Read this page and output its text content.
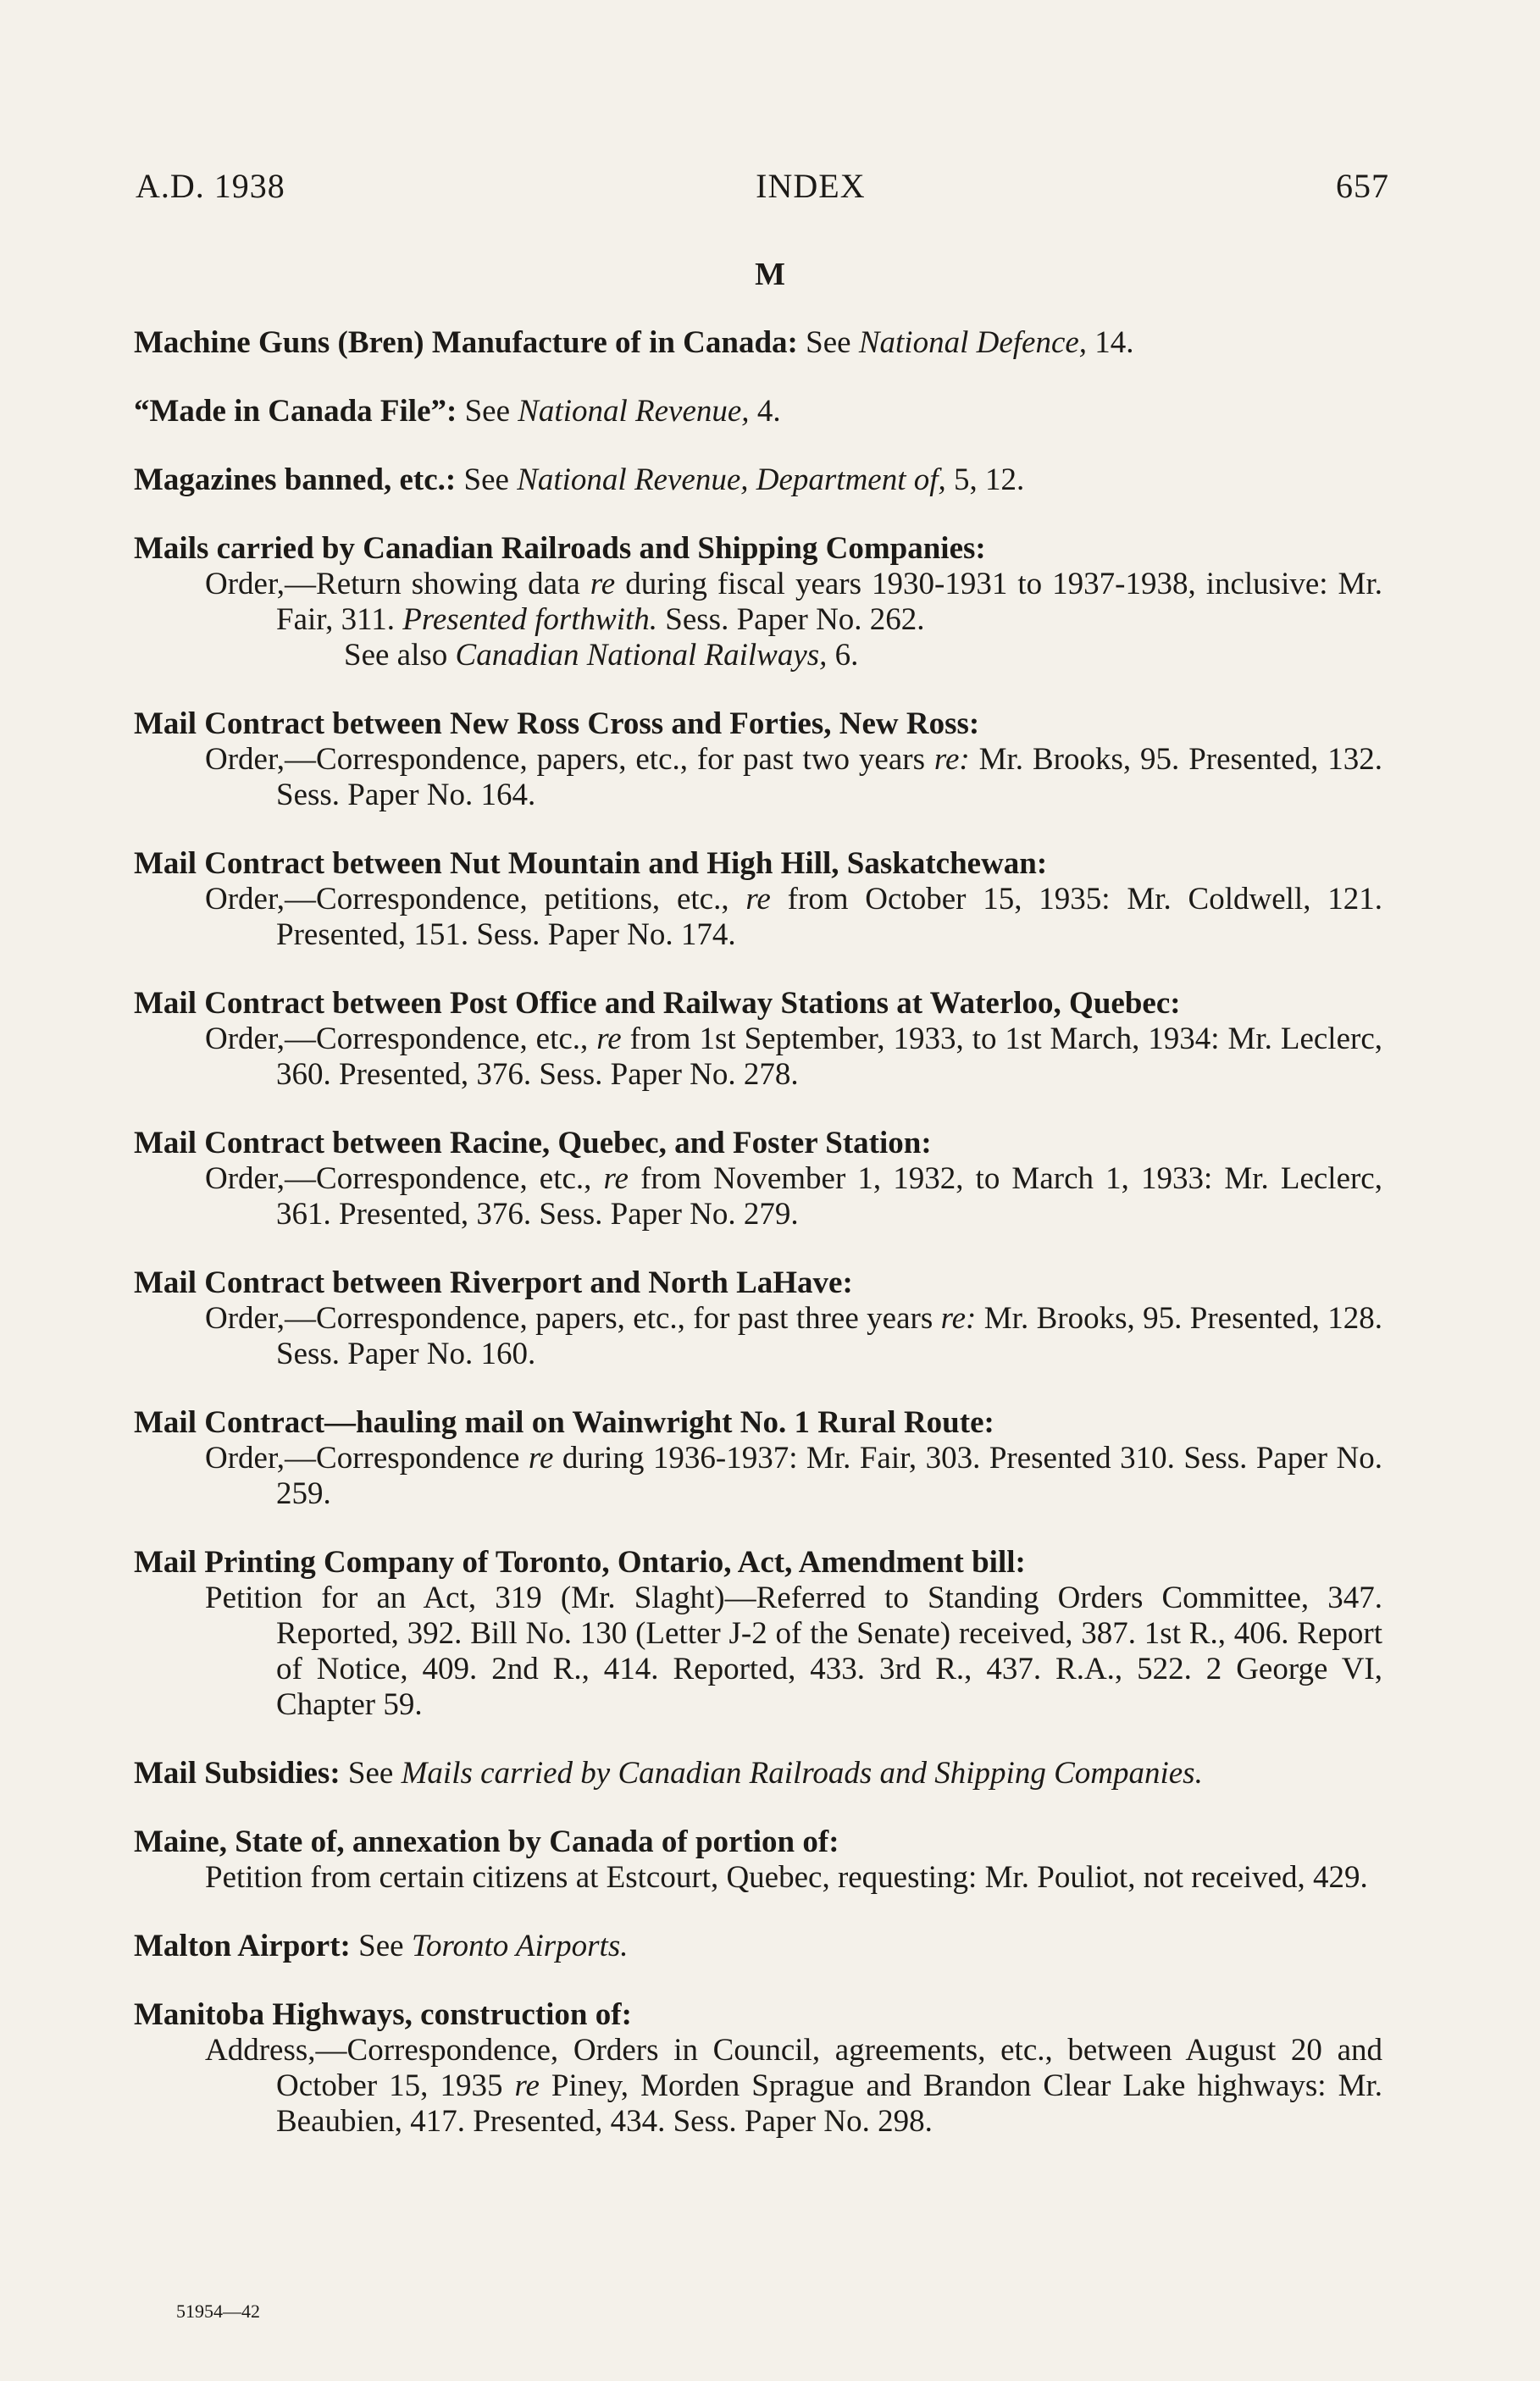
A.D. 1938	INDEX	657
M

Machine Guns (Bren) Manufacture of in Canada: See National Defence, 14.

“Made in Canada File”: See National Revenue, 4.

Magazines banned, etc.: See National Revenue, Department of, 5, 12.

Mails carried by Canadian Railroads and Shipping Companies:

Order,—Return showing data re during fiscal years 1930-1931 to 1937-1938, inclusive: Mr. Fair, 311. Presented forthwith. Sess. Paper No. 262.

See also Canadian National Railways, 6.

Mail Contract between New Ross Cross and Forties, New Ross:

Order,—Correspondence, papers, etc., for past two years re: Mr. Brooks, 95. Presented, 132. Sess. Paper No. 164.

Mail Contract between Nut Mountain and High Hill, Saskatchewan:

Order,—Correspondence, petitions, etc., re from October 15, 1935: Mr. Coldwell, 121. Presented, 151. Sess. Paper No. 174.

Mail Contract between Post Office and Railway Stations at Waterloo, Quebec:

Order,—Correspondence, etc., re from 1st September, 1933, to 1st March, 1934: Mr. Leclerc, 360. Presented, 376. Sess. Paper No. 278.

Mail Contract between Racine, Quebec, and Foster Station:

Order,—Correspondence, etc., re from November 1, 1932, to March 1, 1933: Mr. Leclerc, 361. Presented, 376. Sess. Paper No. 279.

Mail Contract between Riverport and North LaHave:

Order,—Correspondence, papers, etc., for past three years re: Mr. Brooks, 95. Presented, 128. Sess. Paper No. 160.

Mail Contract—hauling mail on Wainwright No. 1 Rural Route:

Order,—Correspondence re during 1936-1937: Mr. Fair, 303. Presented 310. Sess. Paper No. 259.

Mail Printing Company of Toronto, Ontario, Act, Amendment bill:

Petition for an Act, 319 (Mr. Slaght)—Referred to Standing Orders Committee, 347. Reported, 392. Bill No. 130 (Letter J-2 of the Senate) received, 387. 1st R., 406. Report of Notice, 409. 2nd R., 414. Reported, 433. 3rd R., 437. R.A., 522. 2 George VI, Chapter 59.

Mail Subsidies: See Mails carried by Canadian Railroads and Shipping Companies.

Maine, State of, annexation by Canada of portion of:

Petition from certain citizens at Estcourt, Quebec, requesting: Mr. Pouliot, not received, 429.

Malton Airport: See Toronto Airports.

Manitoba Highways, construction of:

Address,—Correspondence, Orders in Council, agreements, etc., between August 20 and October 15, 1935 re Piney, Morden Sprague and Brandon Clear Lake highways: Mr. Beaubien, 417. Presented, 434. Sess. Paper No. 298.

51954—42
